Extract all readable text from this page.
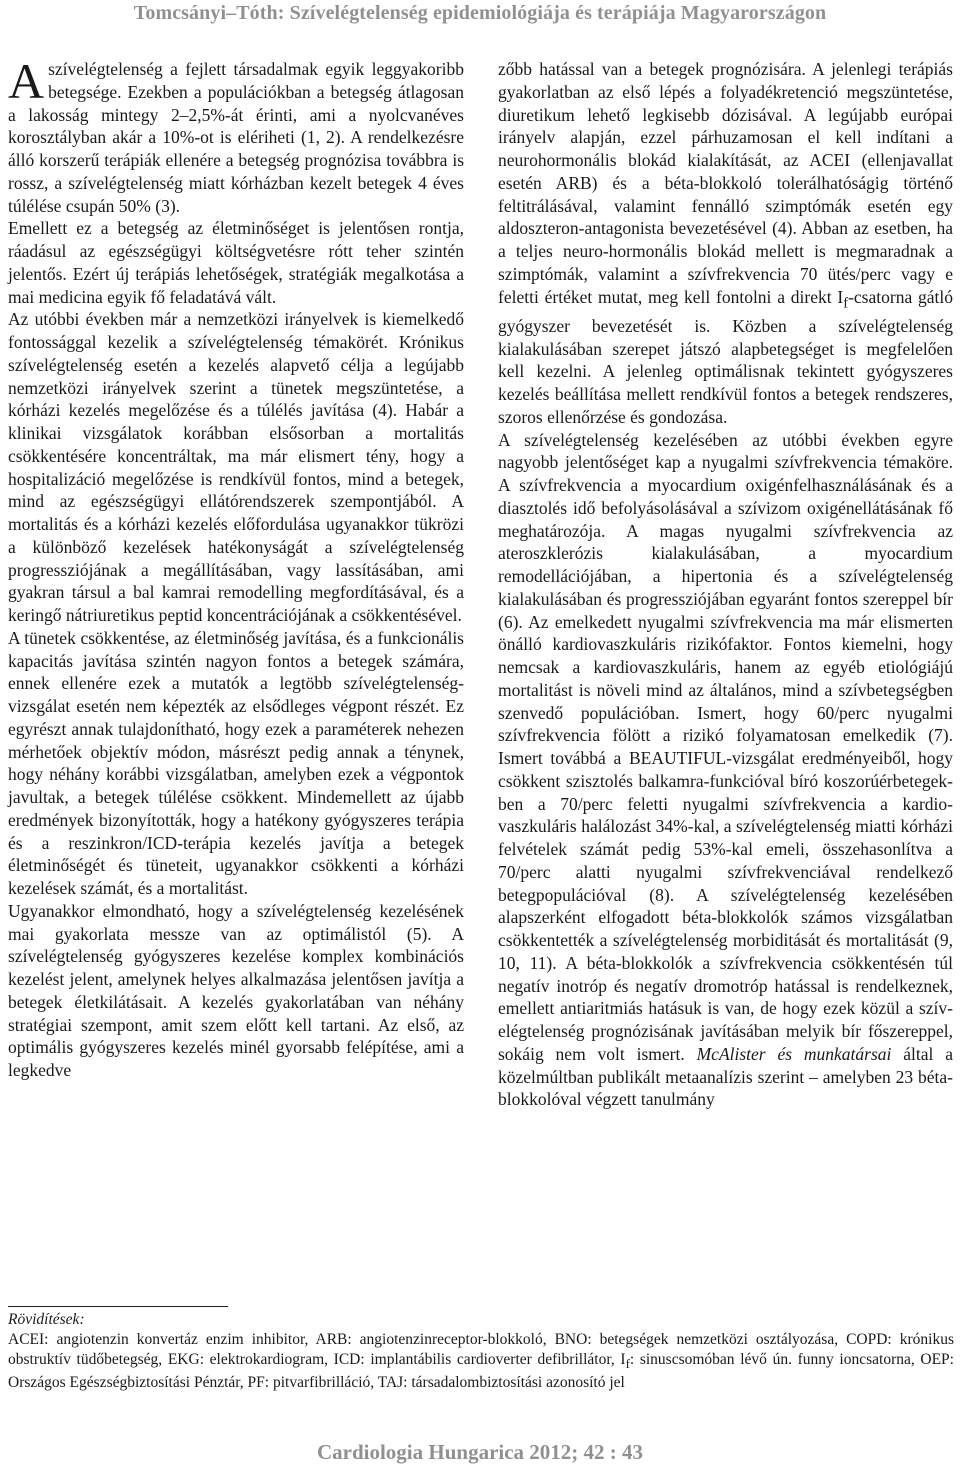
Tomcsányi–Tóth: Szívelégtelenség epidemiológiája és terápiája Magyarországon

A szívelégtelenség a fejlett társadalmak egyik leggyakoribb betegsége. Ezekben a populációkban a betegség átlagosan a lakosság mintegy 2–2,5%-át érinti, ami a nyolcvanéves korosztályban akár a 10%-ot is elériheti (1, 2). A rendelkezésre álló korszerű terápiák ellenére a betegség prognózisa továbbra is rossz, a szívelégtelenség miatt kórházban kezelt betegek 4 éves túlélése csupán 50% (3).

Emellett ez a betegség az életminőséget is jelentősen rontja, ráadásul az egészségügyi költségvetésre rótt teher szintén jelentős. Ezért új terápiás lehetőségek, stratégiák megalkotása a mai medicina egyik fő feladatává vált.

Az utóbbi években már a nemzetközi irányelvek is kiemelkedő fontossággal kezelik a szívelégtelenség témakörét. Krónikus szívelégtelenség esetén a kezelés alapvető célja a legújabb nemzetközi irányelvek szerint a tünetek megszüntetése, a kórházi kezelés megelőzése és a túlélés javítása (4). Habár a klinikai vizsgálatok korábban elsősorban a mortalitás csökkentésére koncentráltak, ma már elismert tény, hogy a hospitalizáció megelőzése is rendkívül fontos, mind a betegek, mind az egészségügyi ellátórendszerek szempontjából. A mortalitás és a kórházi kezelés előfordulása ugyanakkor tükrözi a különböző kezelések hatékonyságát a szívelégtelenség progressziójának a megállításában, vagy lassításában, ami gyakran társul a bal kamrai remodelling megfordításával, és a keringő nátriuretikus peptid koncentrációjának a csökkentésével.

A tünetek csökkentése, az életminőség javítása, és a funkcionális kapacitás javítása szintén nagyon fontos a betegek számára, ennek ellenére ezek a mutatók a legtöbb szívelégtelenség-vizsgálat esetén nem képezték az elsődleges végpont részét. Ez egyrészt annak tulajdonítható, hogy ezek a paraméterek nehezen mérhetőek objektív módon, másrészt pedig annak a ténynek, hogy néhány korábbi vizsgálatban, amelyben ezek a végpontok javultak, a betegek túlélése csökkent. Mindemellett az újabb eredmények bizonyították, hogy a hatékony gyógyszeres terápia és a reszinkron/ICD-terápia kezelés javítja a betegek életminőségét és tüneteit, ugyanakkor csökkenti a kórházi kezelések számát, és a mortalitást.

Ugyanakkor elmondható, hogy a szívelégtelenség kezelésének mai gyakorlata messze van az optimálistól (5). A szívelégtelenség gyógyszeres kezelése komplex kombinációs kezelést jelent, amelynek helyes alkalmazása jelentősen javítja a betegek életkilátásait. A kezelés gyakorlatában van néhány stratégiai szempont, amit szem előtt kell tartani. Az első, az optimális gyógyszeres kezelés minél gyorsabb felépítése, ami a legkedve

zőbb hatással van a betegek prognózisára. A jelenlegi terápiás gyakorlatban az első lépés a folyadékretenció megszüntetése, diuretikum lehető legkisebb dózisával. A legújabb európai irányelv alapján, ezzel párhuzamosan el kell indítani a neurohormonális blokád kialakítását, az ACEI (ellenjavallat esetén ARB) és a béta-blokkoló tolerálhatóságig történő feltitrálásával, valamint fennálló szimptómák esetén egy aldoszteron-antagonista bevezetésével (4). Abban az esetben, ha a teljes neuro-hormonális blokád mellett is megmaradnak a szimptómák, valamint a szívfrekvencia 70 ütés/perc vagy e feletti értéket mutat, meg kell fontolni a direkt $I_f$-csatorna gátló gyógyszer bevezetését is. Közben a szívelégtelenség kialakulásában szerepet játszó alapbetegséget is megfelelően kell kezelni. A jelenleg optimálisnak tekintett gyógyszeres kezelés beállítása mellett rendkívül fontos a betegek rendszeres, szoros ellenőrzése és gondozása.

A szívelégtelenség kezelésében az utóbbi években egyre nagyobb jelentőséget kap a nyugalmi szívfrekvencia témaköre. A szívfrekvencia a myocardium oxigénfelhasználásának és a diasztolés idő befolyásolásával a szívizom oxigénellátásának fő meghatározója. A magas nyugalmi szívfrekvencia az ateroszklerózis kialakulásában, a myocardium remodellációjában, a hipertonia és a szívelégtelenség kialakulásában és progressziójában egyaránt fontos szereppel bír (6). Az emelkedett nyugalmi szívfrekvencia ma már elismerten önálló kardiovaszkuláris rizikófaktor. Fontos kiemelni, hogy nemcsak a kardiovaszkuláris, hanem az egyéb etiológiájú mortalitást is növeli mind az általános, mind a szívbetegségben szenvedő populációban. Ismert, hogy 60/perc nyugalmi szívfrekvencia fölött a rizikó folyamatosan emelkedik (7). Ismert továbbá a BEAUTIFUL-vizsgálat eredményeiből, hogy csökkent szisztolés balkamra-funkcióval bíró koszorúérbetegekben a 70/perc feletti nyugalmi szívfrekvencia a kardiovaszkuláris halálozást 34%-kal, a szívelégtelenség miatti kórházi felvételek számát pedig 53%-kal emeli, összehasonlítva a 70/perc alatti nyugalmi szívfrekvenciával rendelkező betegpopulációval (8). A szívelégtelenség kezelésében alapszerként elfogadott béta-blokkolók számos vizsgálatban csökkentették a szívelégtelenség morbiditását és mortalitását (9, 10, 11). A béta-blokkolók a szívfrekvencia csökkentésén túl negatív inotróp és negatív dromotróp hatással is rendelkeznek, emellett antiaritmiás hatásuk is van, de hogy ezek közül a szívelégtelenség prognózisának javításában melyik bír főszereppel, sokáig nem volt ismert. McAlister és munkatársai által a közelmúltban publikált metaanalízis szerint – amelyben 23 béta-blokkolóval végzett tanulmány

Rövidítések:

ACEI: angiotenzin konvertáz enzim inhibitor, ARB: angiotenzinreceptor-blokkoló, BNO: betegségek nemzetközi osztályozása, COPD: krónikus obstruktív tüdőbetegség, EKG: elektrokardiogram, ICD: implantábilis cardioverter defibrillátor, $I_f$: sinuscsomóban lévő ún. funny ioncsatorna, OEP: Országos Egészségbiztosítási Pénztár, PF: pitvarfibrilláció, TAJ: társadalombiztosítási azonosító jel

Cardiologia Hungarica 2012; 42 : 43
